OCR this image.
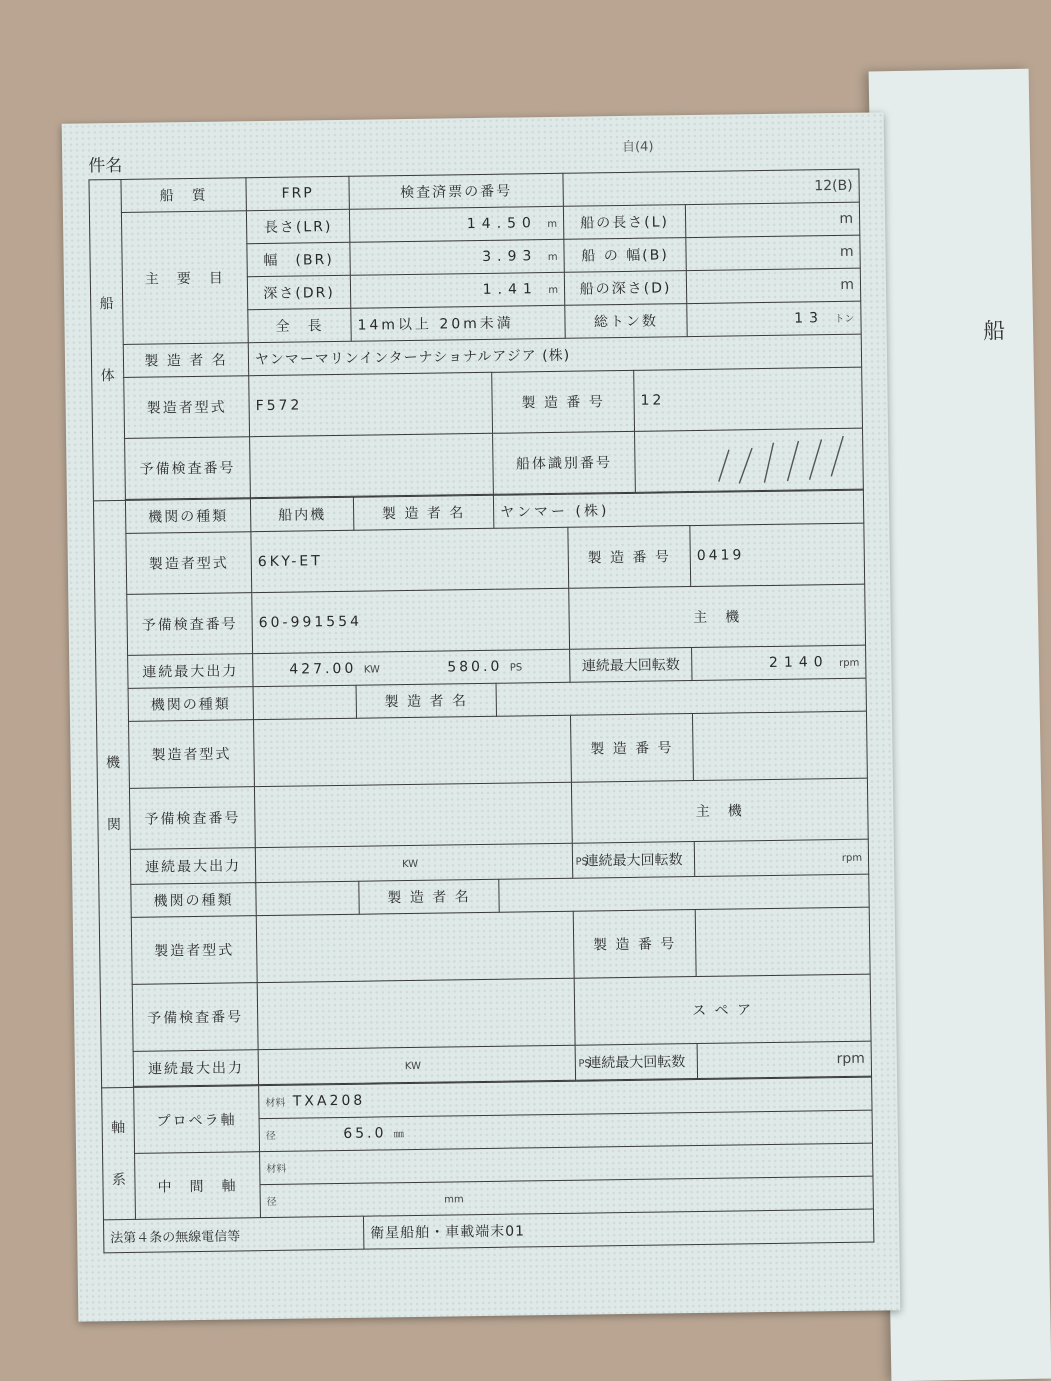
船
件名
自(4)
船
体	船　質	FRP	検査済票の番号		12(B)		
	主　要　目	長さ(LR)	14.50 m		船の長さ(L)		m
		幅　(BR)	3.93 m		船 の 幅(B)		m
		深さ(DR)	1.41 m		船の深さ(D)		m
		全　長	14m以上 20m未満		総トン数		13 トン
	製 造 者 名	ヤンマーマリンインターナショナルアジア (株)					
	製造者型式	F572		製 造 番 号		12	
	予備検査番号			船体識別番号			

機
関	機関の種類	船内機	製 造 者 名	ヤンマー (株)			
	製造者型式	6KY-ET			製 造 番 号		0419
	予備検査番号	60-991554			主　機		
	連続最大出力	427.00 KW 580.0 PS			連続最大回転数		2140 rpm
	機関の種類		製 造 者 名				
	製造者型式				製 造 番 号		
	予備検査番号				主　機		
	連続最大出力	KW PS			連続最大回転数		rpm
	機関の種類		製 造 者 名				
	製造者型式				製 造 番 号		
	予備検査番号				ス ペ ア		
	連続最大出力	KW PS			連続最大回転数		rpm

軸
系	プロペラ軸	材料 TXA208					
		径 65.0 ㎜					
	中　間　軸	材料					
		径 mm					
法第４条の無線電信等			衛星船舶・車載端末01				
